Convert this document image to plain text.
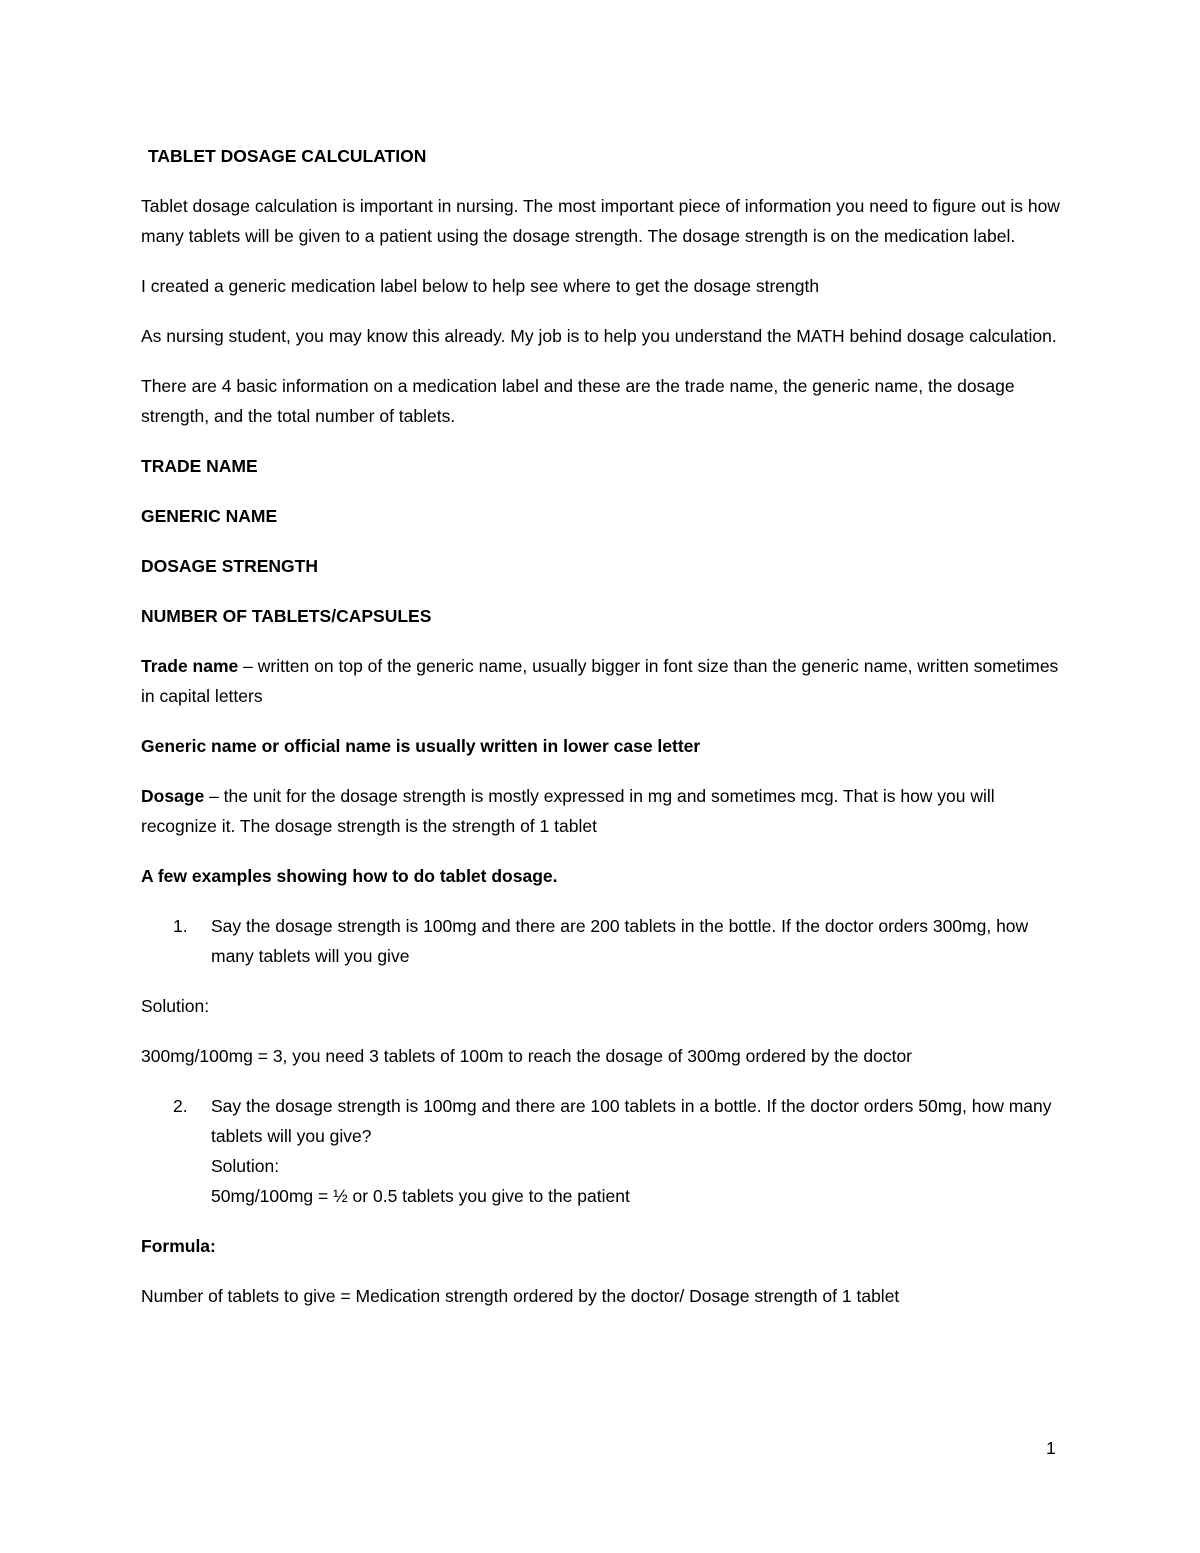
TABLET DOSAGE CALCULATION

Tablet dosage calculation is important in nursing. The most important piece of information you need to figure out is how many tablets will be given to a patient using the dosage strength. The dosage strength is on the medication label.

I created a generic medication label below to help see where to get the dosage strength

As nursing student, you may know this already. My job is to help you understand the MATH behind dosage calculation.

There are 4 basic information on a medication label and these are the trade name, the generic name, the dosage strength, and the total number of tablets.

TRADE NAME

GENERIC NAME

DOSAGE STRENGTH

NUMBER OF TABLETS/CAPSULES

Trade name – written on top of the generic name, usually bigger in font size than the generic name, written sometimes in capital letters

Generic name or official name is usually written in lower case letter

Dosage – the unit for the dosage strength is mostly expressed in mg and sometimes mcg. That is how you will recognize it. The dosage strength is the strength of 1 tablet

A few examples showing how to do tablet dosage.

1. Say the dosage strength is 100mg and there are 200 tablets in the bottle. If the doctor orders 300mg, how many tablets will you give

Solution:

300mg/100mg = 3, you need 3 tablets of 100m to reach the dosage of 300mg ordered by the doctor

2. Say the dosage strength is 100mg and there are 100 tablets in a bottle. If the doctor orders 50mg, how many tablets will you give?
Solution:
50mg/100mg = ½ or 0.5 tablets you give to the patient

Formula:

Number of tablets to give = Medication strength ordered by the doctor/ Dosage strength of 1 tablet

1
